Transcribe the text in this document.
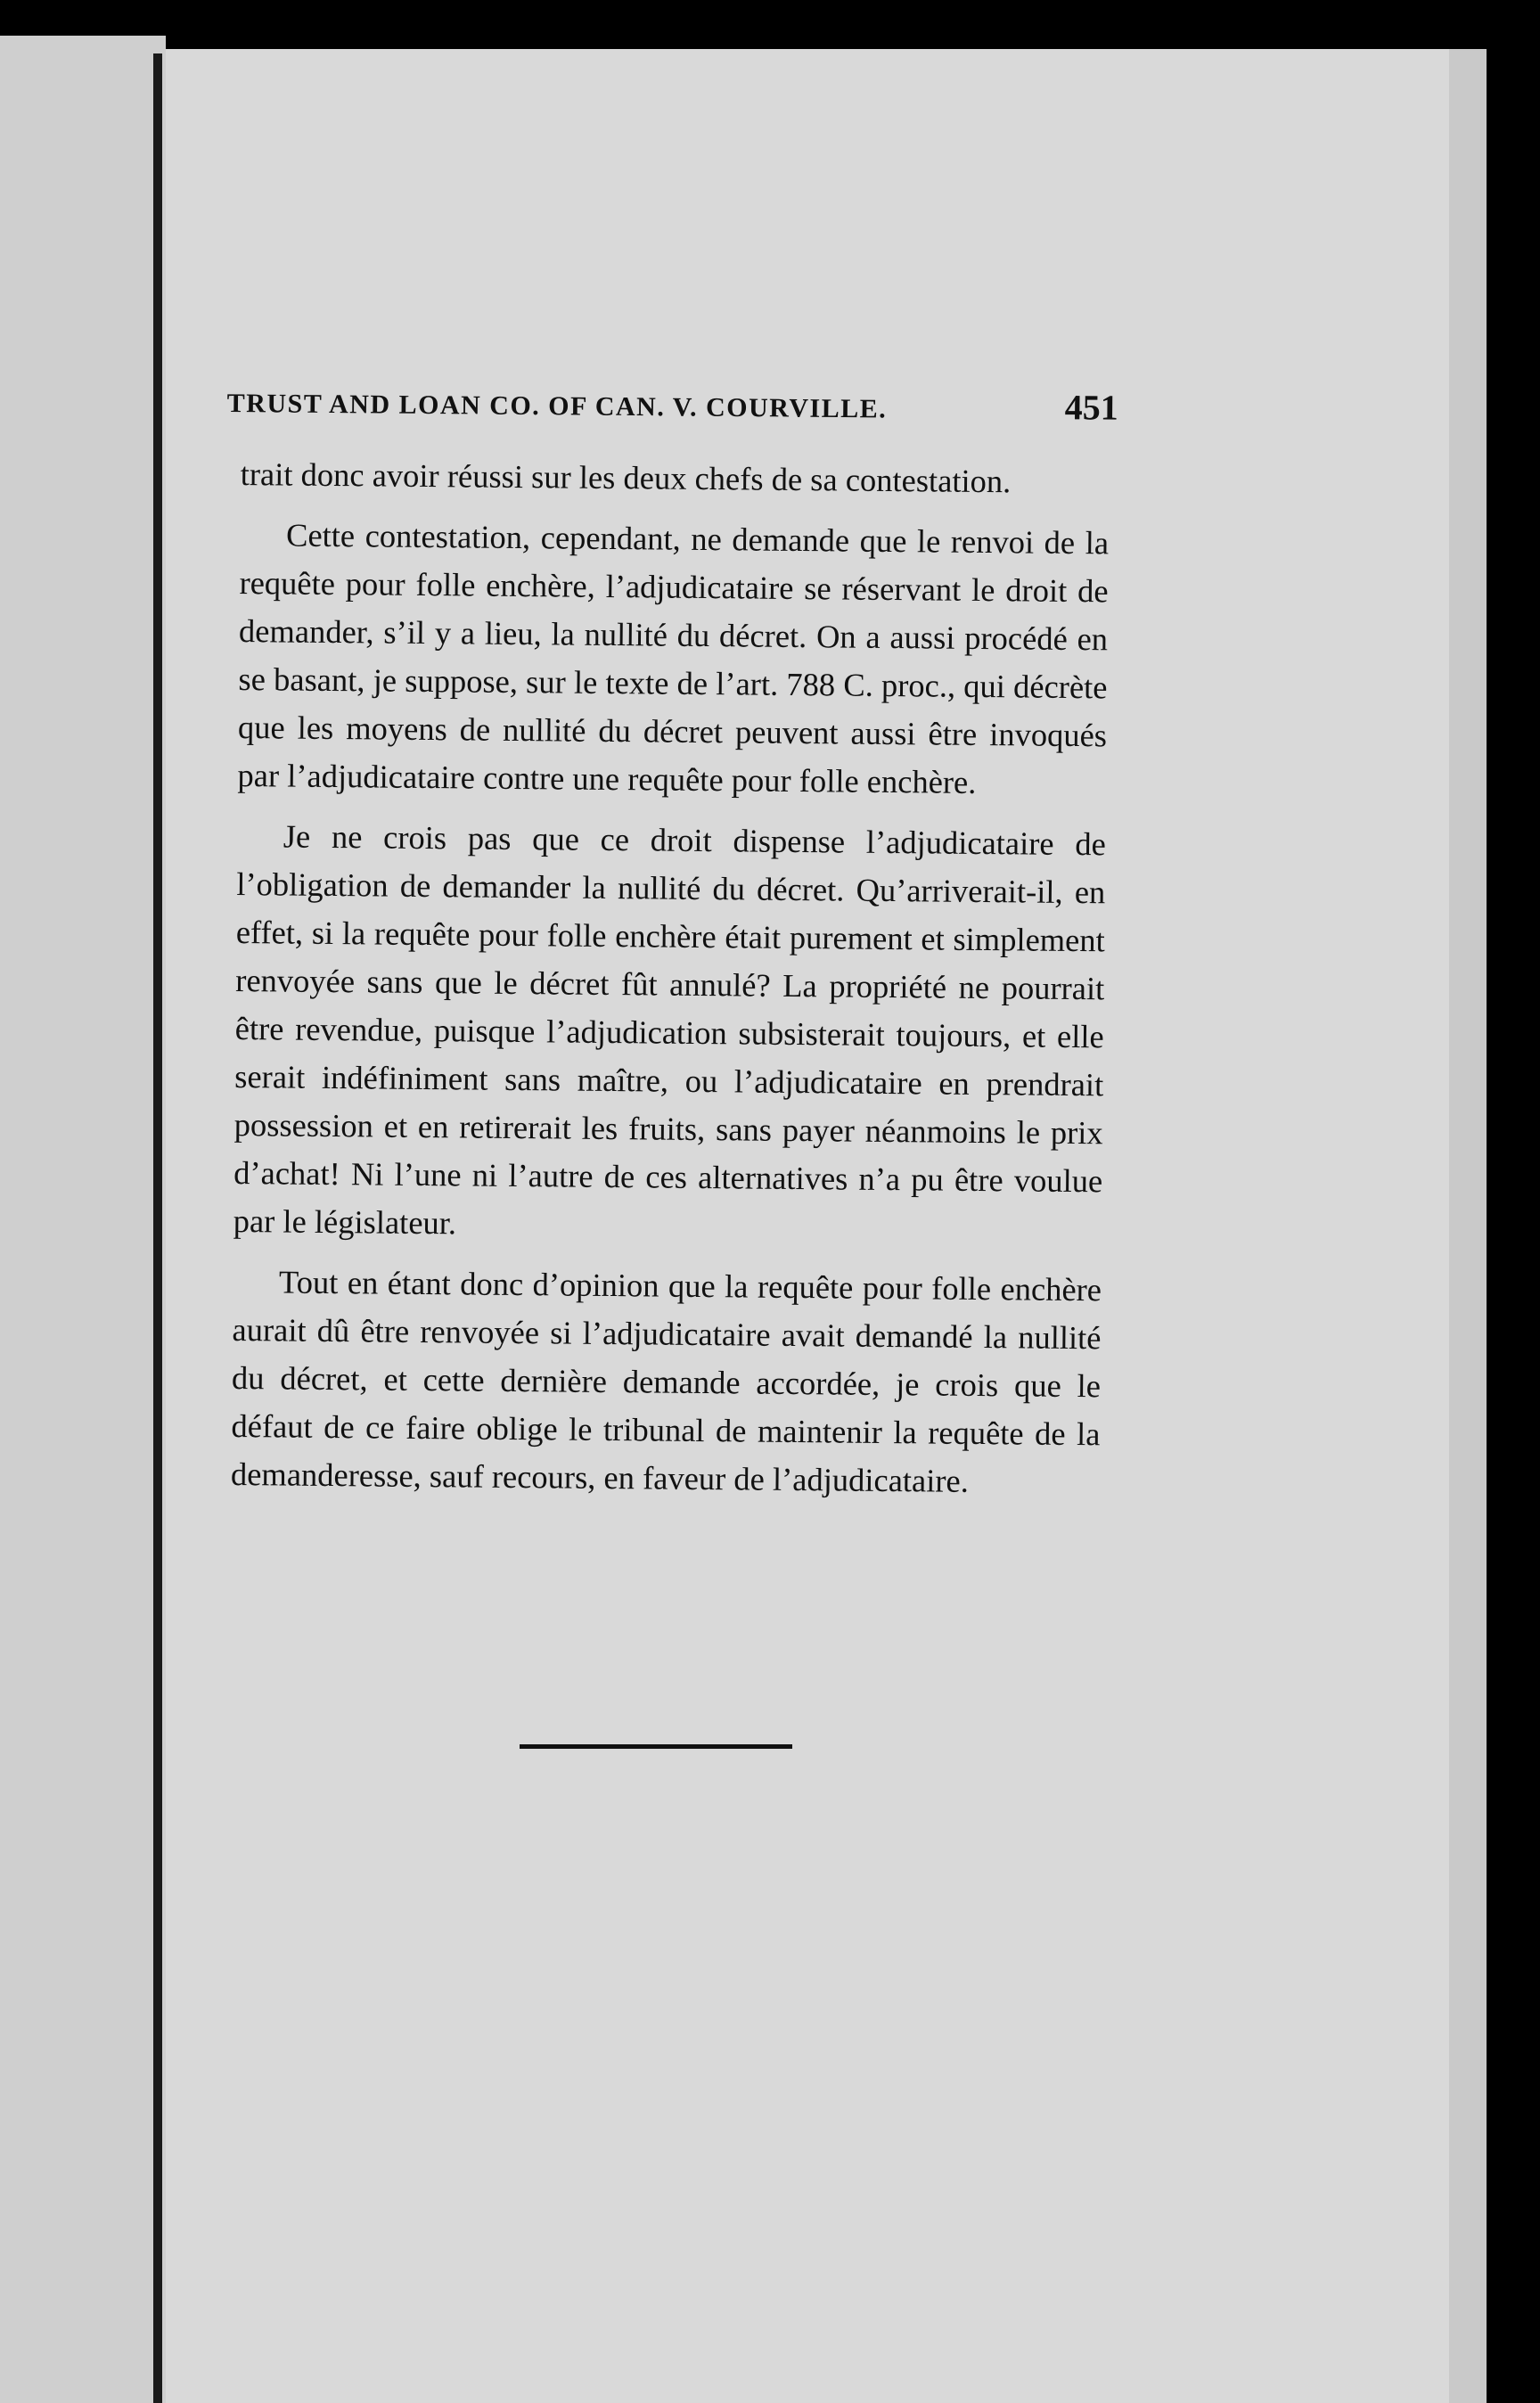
TRUST AND LOAN CO. OF CAN. V. COURVILLE.	451

trait donc avoir réussi sur les deux chefs de sa contestation.

Cette contestation, cependant, ne demande que le renvoi de la requête pour folle enchère, l’adjudicataire se réservant le droit de demander, s’il y a lieu, la nullité du décret. On a aussi procédé en se basant, je suppose, sur le texte de l’art. 788 C. proc., qui décrète que les moyens de nullité du décret peuvent aussi être invoqués par l’adjudicataire contre une requête pour folle enchère.

Je ne crois pas que ce droit dispense l’adjudicataire de l’obligation de demander la nullité du décret. Qu’arriverait-il, en effet, si la requête pour folle enchère était purement et simplement renvoyée sans que le décret fût annulé? La propriété ne pourrait être revendue, puisque l’adjudication subsisterait toujours, et elle serait indéfiniment sans maître, ou l’adjudicataire en prendrait possession et en retirerait les fruits, sans payer néanmoins le prix d’achat! Ni l’une ni l’autre de ces alternatives n’a pu être voulue par le législateur.

Tout en étant donc d’opinion que la requête pour folle enchère aurait dû être renvoyée si l’adjudicataire avait demandé la nullité du décret, et cette dernière demande accordée, je crois que le défaut de ce faire oblige le tribunal de maintenir la requête de la demanderesse, sauf recours, en faveur de l’adjudicataire.
